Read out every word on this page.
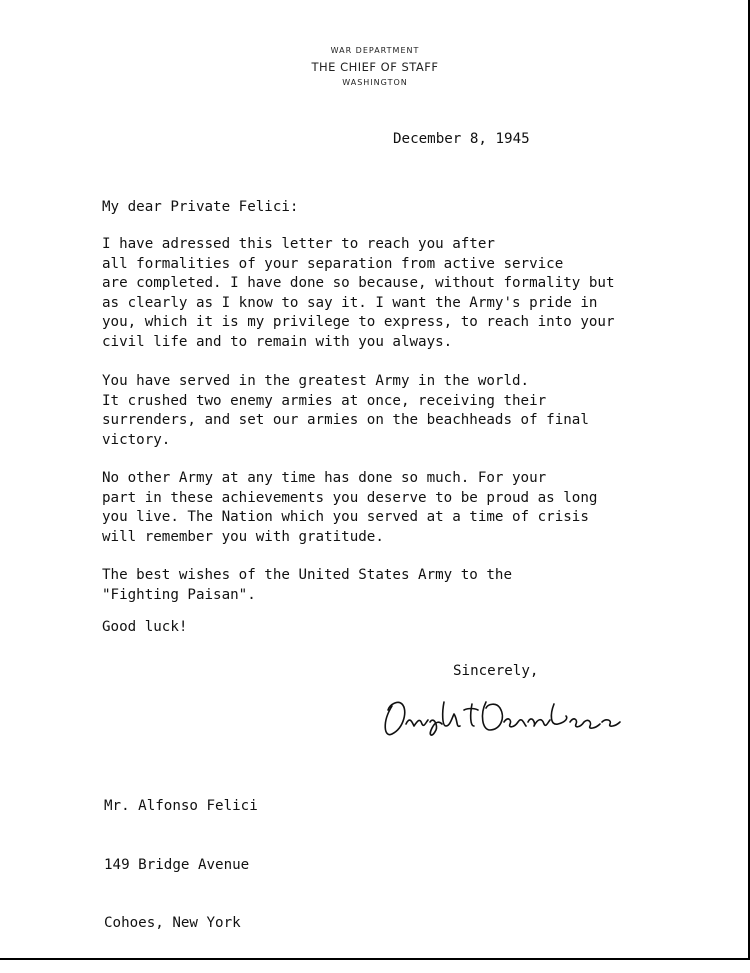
WAR DEPARTMENT
THE CHIEF OF STAFF
WASHINGTON
December 8, 1945
My dear Private Felici:
I have adressed this letter to reach you after
all formalities of your separation from active service
are completed. I have done so because, without formality but
as clearly as I know to say it. I want the Army's pride in
you, which it is my privilege to express, to reach into your
civil life and to remain with you always.
You have served in the greatest Army in the world.
It crushed two enemy armies at once, receiving their
surrenders, and set our armies on the beachheads of final
victory.
No other Army at any time has done so much. For your
part in these achievements you deserve to be proud as long
you live. The Nation which you served at a time of crisis
will remember you with gratitude.
The best wishes of the United States Army to the
"Fighting Paisan".
Good luck!
Sincerely,

Mr. Alfonso Felici

149 Bridge Avenue

Cohoes, New York
